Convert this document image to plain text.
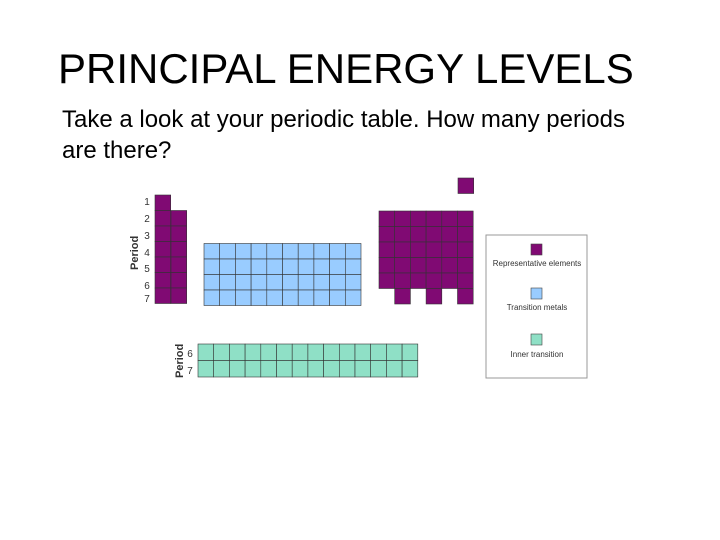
PRINCIPAL ENERGY LEVELS
Take a look at your periodic table. How many periods are there?
Period
1
2
3
4
5
6
7
Period 6
7
Representative elements
Transition metals
Inner transition
